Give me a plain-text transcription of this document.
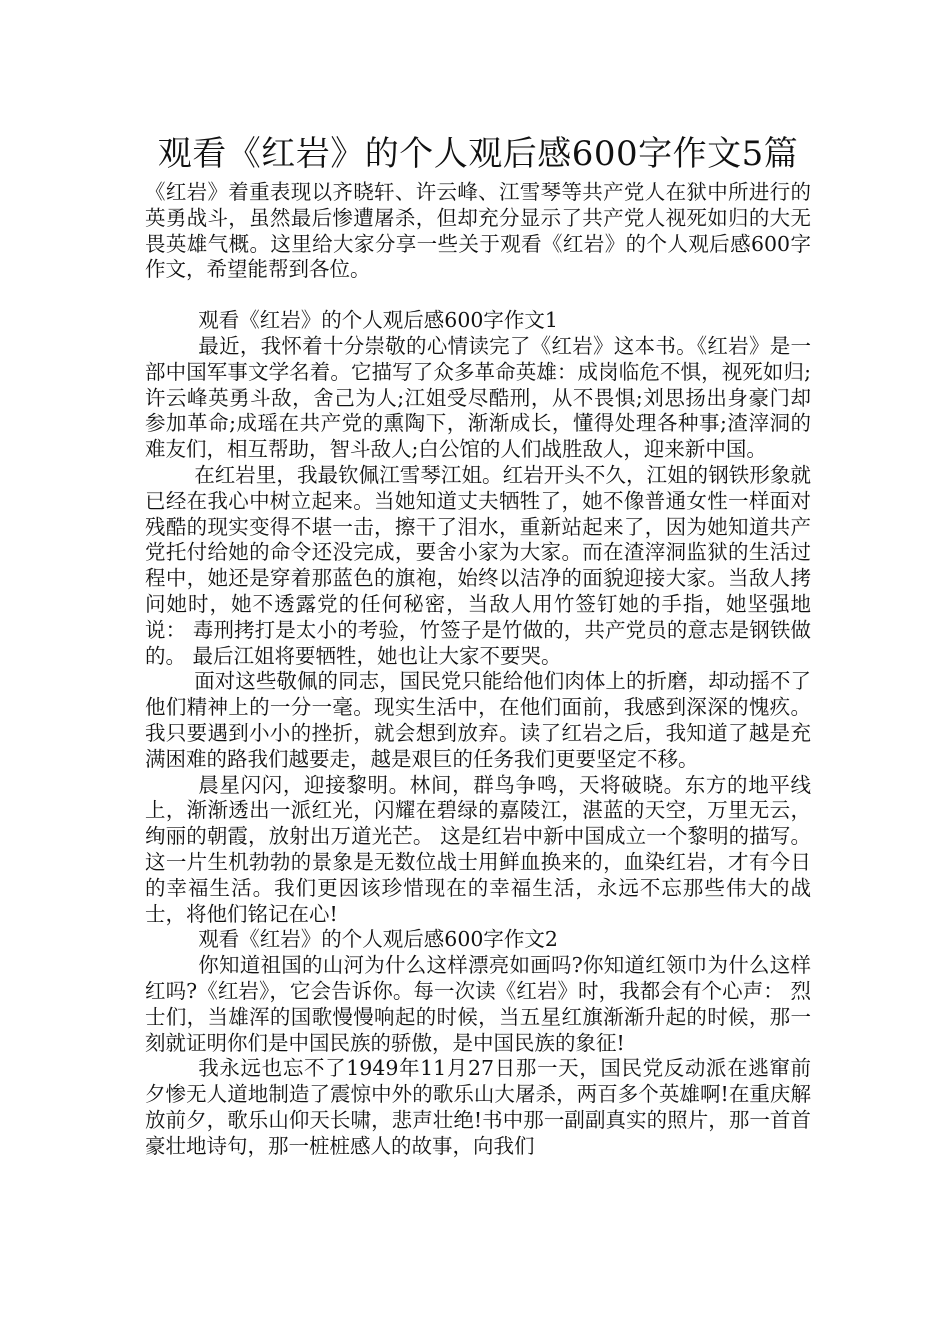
观看《红岩》的个人观后感600字作文5篇

《红岩》着重表现以齐晓轩、许云峰、江雪琴等共产党人在狱中所进行的英勇战斗，虽然最后惨遭屠杀，但却充分显示了共产党人视死如归的大无畏英雄气概。这里给大家分享一些关于观看《红岩》的个人观后感600字作文，希望能帮到各位。

观看《红岩》的个人观后感600字作文1

最近，我怀着十分崇敬的心情读完了《红岩》这本书。《红岩》是一部中国军事文学名着。它描写了众多革命英雄：成岗临危不惧，视死如归;许云峰英勇斗敌，舍己为人;江姐受尽酷刑，从不畏惧;刘思扬出身豪门却参加革命;成瑶在共产党的熏陶下，渐渐成长，懂得处理各种事;渣滓洞的难友们，相互帮助，智斗敌人;白公馆的人们战胜敌人，迎来新中国。

在红岩里，我最钦佩江雪琴江姐。红岩开头不久，江姐的钢铁形象就已经在我心中树立起来。当她知道丈夫牺牲了，她不像普通女性一样面对残酷的现实变得不堪一击，擦干了泪水，重新站起来了，因为她知道共产党托付给她的命令还没完成，要舍小家为大家。而在渣滓洞监狱的生活过程中，她还是穿着那蓝色的旗袍，始终以洁净的面貌迎接大家。当敌人拷问她时，她不透露党的任何秘密，当敌人用竹签钉她的手指，她坚强地说： 毒刑拷打是太小的考验，竹签子是竹做的，共产党员的意志是钢铁做的。 最后江姐将要牺牲，她也让大家不要哭。

面对这些敬佩的同志，国民党只能给他们肉体上的折磨，却动摇不了他们精神上的一分一毫。现实生活中，在他们面前，我感到深深的愧疚。我只要遇到小小的挫折，就会想到放弃。读了红岩之后，我知道了越是充满困难的路我们越要走，越是艰巨的任务我们更要坚定不移。

晨星闪闪，迎接黎明。林间，群鸟争鸣，天将破晓。东方的地平线上，渐渐透出一派红光，闪耀在碧绿的嘉陵江，湛蓝的天空，万里无云，绚丽的朝霞，放射出万道光芒。 这是红岩中新中国成立一个黎明的描写。这一片生机勃勃的景象是无数位战士用鲜血换来的，血染红岩，才有今日的幸福生活。我们更因该珍惜现在的幸福生活，永远不忘那些伟大的战士，将他们铭记在心!

观看《红岩》的个人观后感600字作文2

你知道祖国的山河为什么这样漂亮如画吗?你知道红领巾为什么这样红吗?《红岩》，它会告诉你。每一次读《红岩》时，我都会有个心声： 烈士们，当雄浑的国歌慢慢响起的时候，当五星红旗渐渐升起的时候，那一刻就证明你们是中国民族的骄傲，是中国民族的象征!

我永远也忘不了1949年11月27日那一天，国民党反动派在逃窜前夕惨无人道地制造了震惊中外的歌乐山大屠杀，两百多个英雄啊!在重庆解放前夕，歌乐山仰天长啸，悲声壮绝!书中那一副副真实的照片，那一首首豪壮地诗句，那一桩桩感人的故事，向我们
